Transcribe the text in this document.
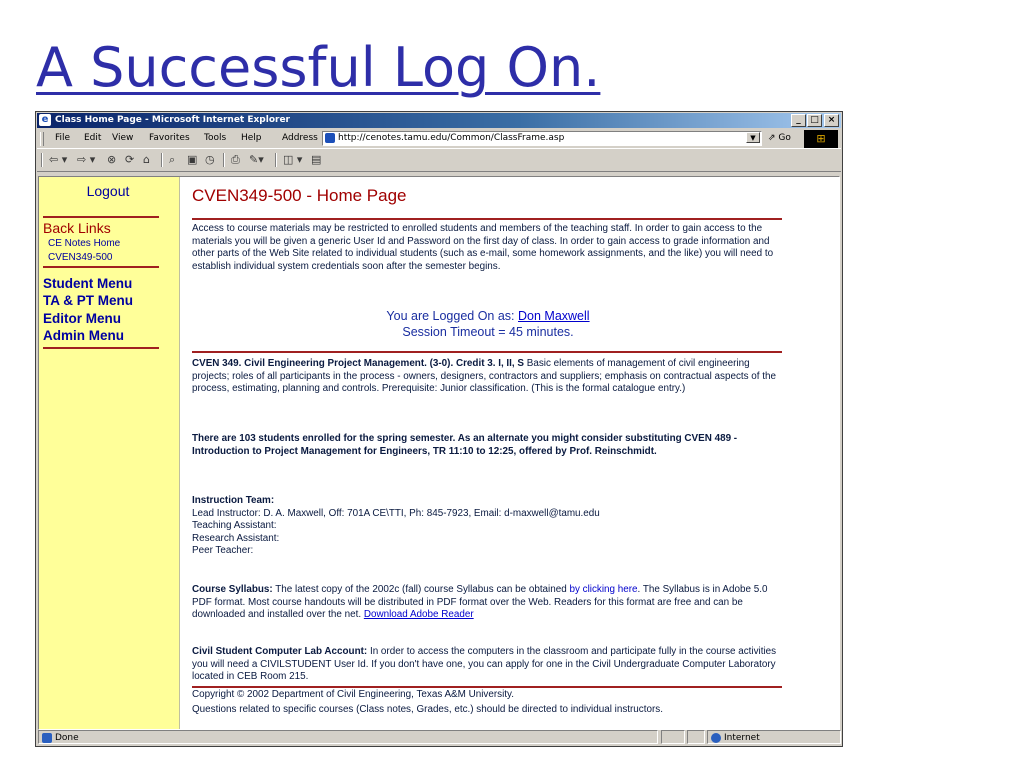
A Successful Log On.
e Class Home Page - Microsoft Internet Explorer	_ □ ×
File Edit View Favorites Tools Help Address	http://cenotes.tamu.edu/Common/ClassFrame.asp	▼	⇗ Go	⊞
⇦ ▾ ⇨ ▾ ⊗ ⟳ ⌂ ⌕ ▣ ◷ ⎙ ✎▾ ◫ ▾ ▤
Logout
Back Links
CE Notes Home
CVEN349-500
Student Menu
TA & PT Menu
Editor Menu
Admin Menu
CVEN349-500 - Home Page

Access to course materials may be restricted to enrolled students and members of the teaching staff. In order to gain access to the materials you will be given a generic User Id and Password on the first day of class. In order to gain access to grade information and other parts of the Web Site related to individual students (such as e-mail, some homework assignments, and the like) you will need to establish individual system credentials soon after the semester begins.

You are Logged On as: Don Maxwell

Session Timeout = 45 minutes.

CVEN 349. Civil Engineering Project Management. (3-0). Credit 3. I, II, S Basic elements of management of civil engineering projects; roles of all participants in the process - owners, designers, contractors and suppliers; emphasis on contractual aspects of the process, estimating, planning and controls. Prerequisite: Junior classification. (This is the formal catalogue entry.)

There are 103 students enrolled for the spring semester. As an alternate you might consider substituting CVEN 489 - Introduction to Project Management for Engineers, TR 11:10 to 12:25, offered by Prof. Reinschmidt.

Instruction Team:
Lead Instructor: D. A. Maxwell, Off: 701A CE\TTI, Ph: 845-7923, Email: d-maxwell@tamu.edu
Teaching Assistant:
Research Assistant:
Peer Teacher:

Course Syllabus: The latest copy of the 2002c (fall) course Syllabus can be obtained by clicking here. The Syllabus is in Adobe 5.0 PDF format. Most course handouts will be distributed in PDF format over the Web. Readers for this format are free and can be downloaded and installed over the net. Download Adobe Reader

Civil Student Computer Lab Account: In order to access the computers in the classroom and participate fully in the course activities you will need a CIVILSTUDENT User Id. If you don't have one, you can apply for one in the Civil Undergraduate Computer Laboratory located in CEB Room 215.

Copyright © 2002 Department of Civil Engineering, Texas A&M University.

Questions related to specific courses (Class notes, Grades, etc.) should be directed to individual instructors.

Done	Internet
